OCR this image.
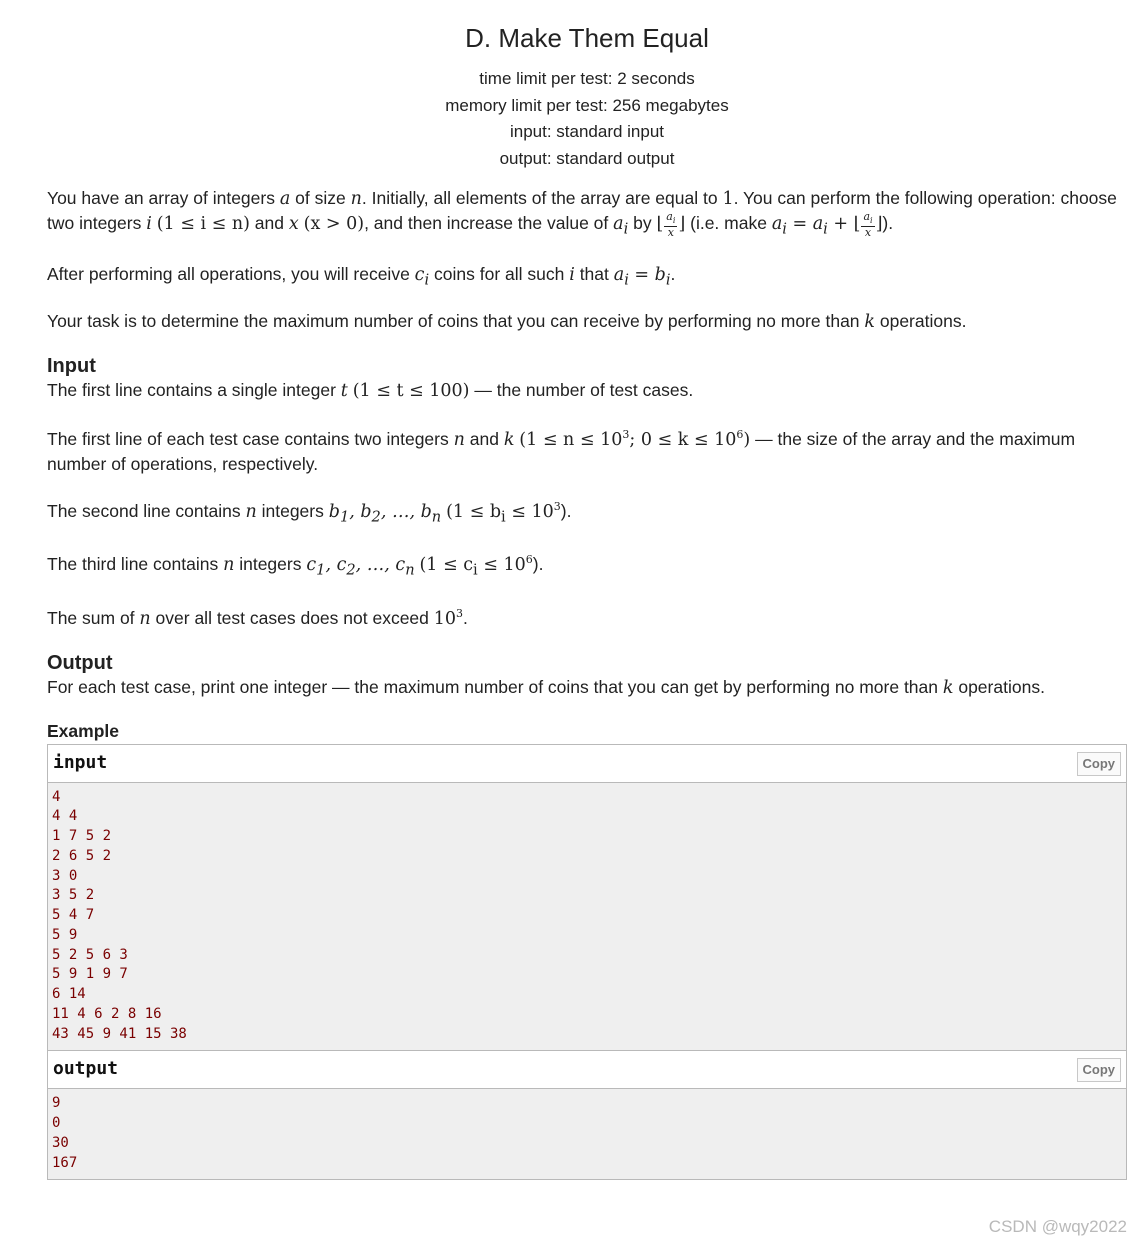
D. Make Them Equal
time limit per test: 2 seconds
memory limit per test: 256 megabytes
input: standard input
output: standard output

You have an array of integers a of size n. Initially, all elements of the array are equal to 1. You can perform the following operation: choose two integers i (1 ≤ i ≤ n) and x (x > 0), and then increase the value of $a_i$ by ⌊ $\frac{a_i}{x}$ ⌋ (i.e. make $a_i = a_i$ + ⌊ $\frac{a_i}{x}$ ⌋).

After performing all operations, you will receive $c_i$ coins for all such i that $a_i = b_i$.

Your task is to determine the maximum number of coins that you can receive by performing no more than k operations.

Input

The first line contains a single integer t (1 ≤ t ≤ 100) — the number of test cases.

The first line of each test case contains two integers n and k ($1 \le n \le 10^3$; $0 \le k \le 10^6$) — the size of the array and the maximum number of operations, respectively.

The second line contains n integers $b_1$, $b_2$, …, $b_n$ $(1 \le b_i \le 10^3)$.

The third line contains n integers $c_1$, $c_2$, …, $c_n$ $(1 \le c_i \le 10^6)$.

The sum of n over all test cases does not exceed $10^3$.

Output

For each test case, print one integer — the maximum number of coins that you can get by performing no more than k operations.

Example
input	Copy
4
4 4
1 7 5 2
2 6 5 2
3 0
3 5 2
5 4 7
5 9
5 2 5 6 3
5 9 1 9 7
6 14
11 4 6 2 8 16
43 45 9 41 15 38
output	Copy
9
0
30
167
CSDN @wqy2022
